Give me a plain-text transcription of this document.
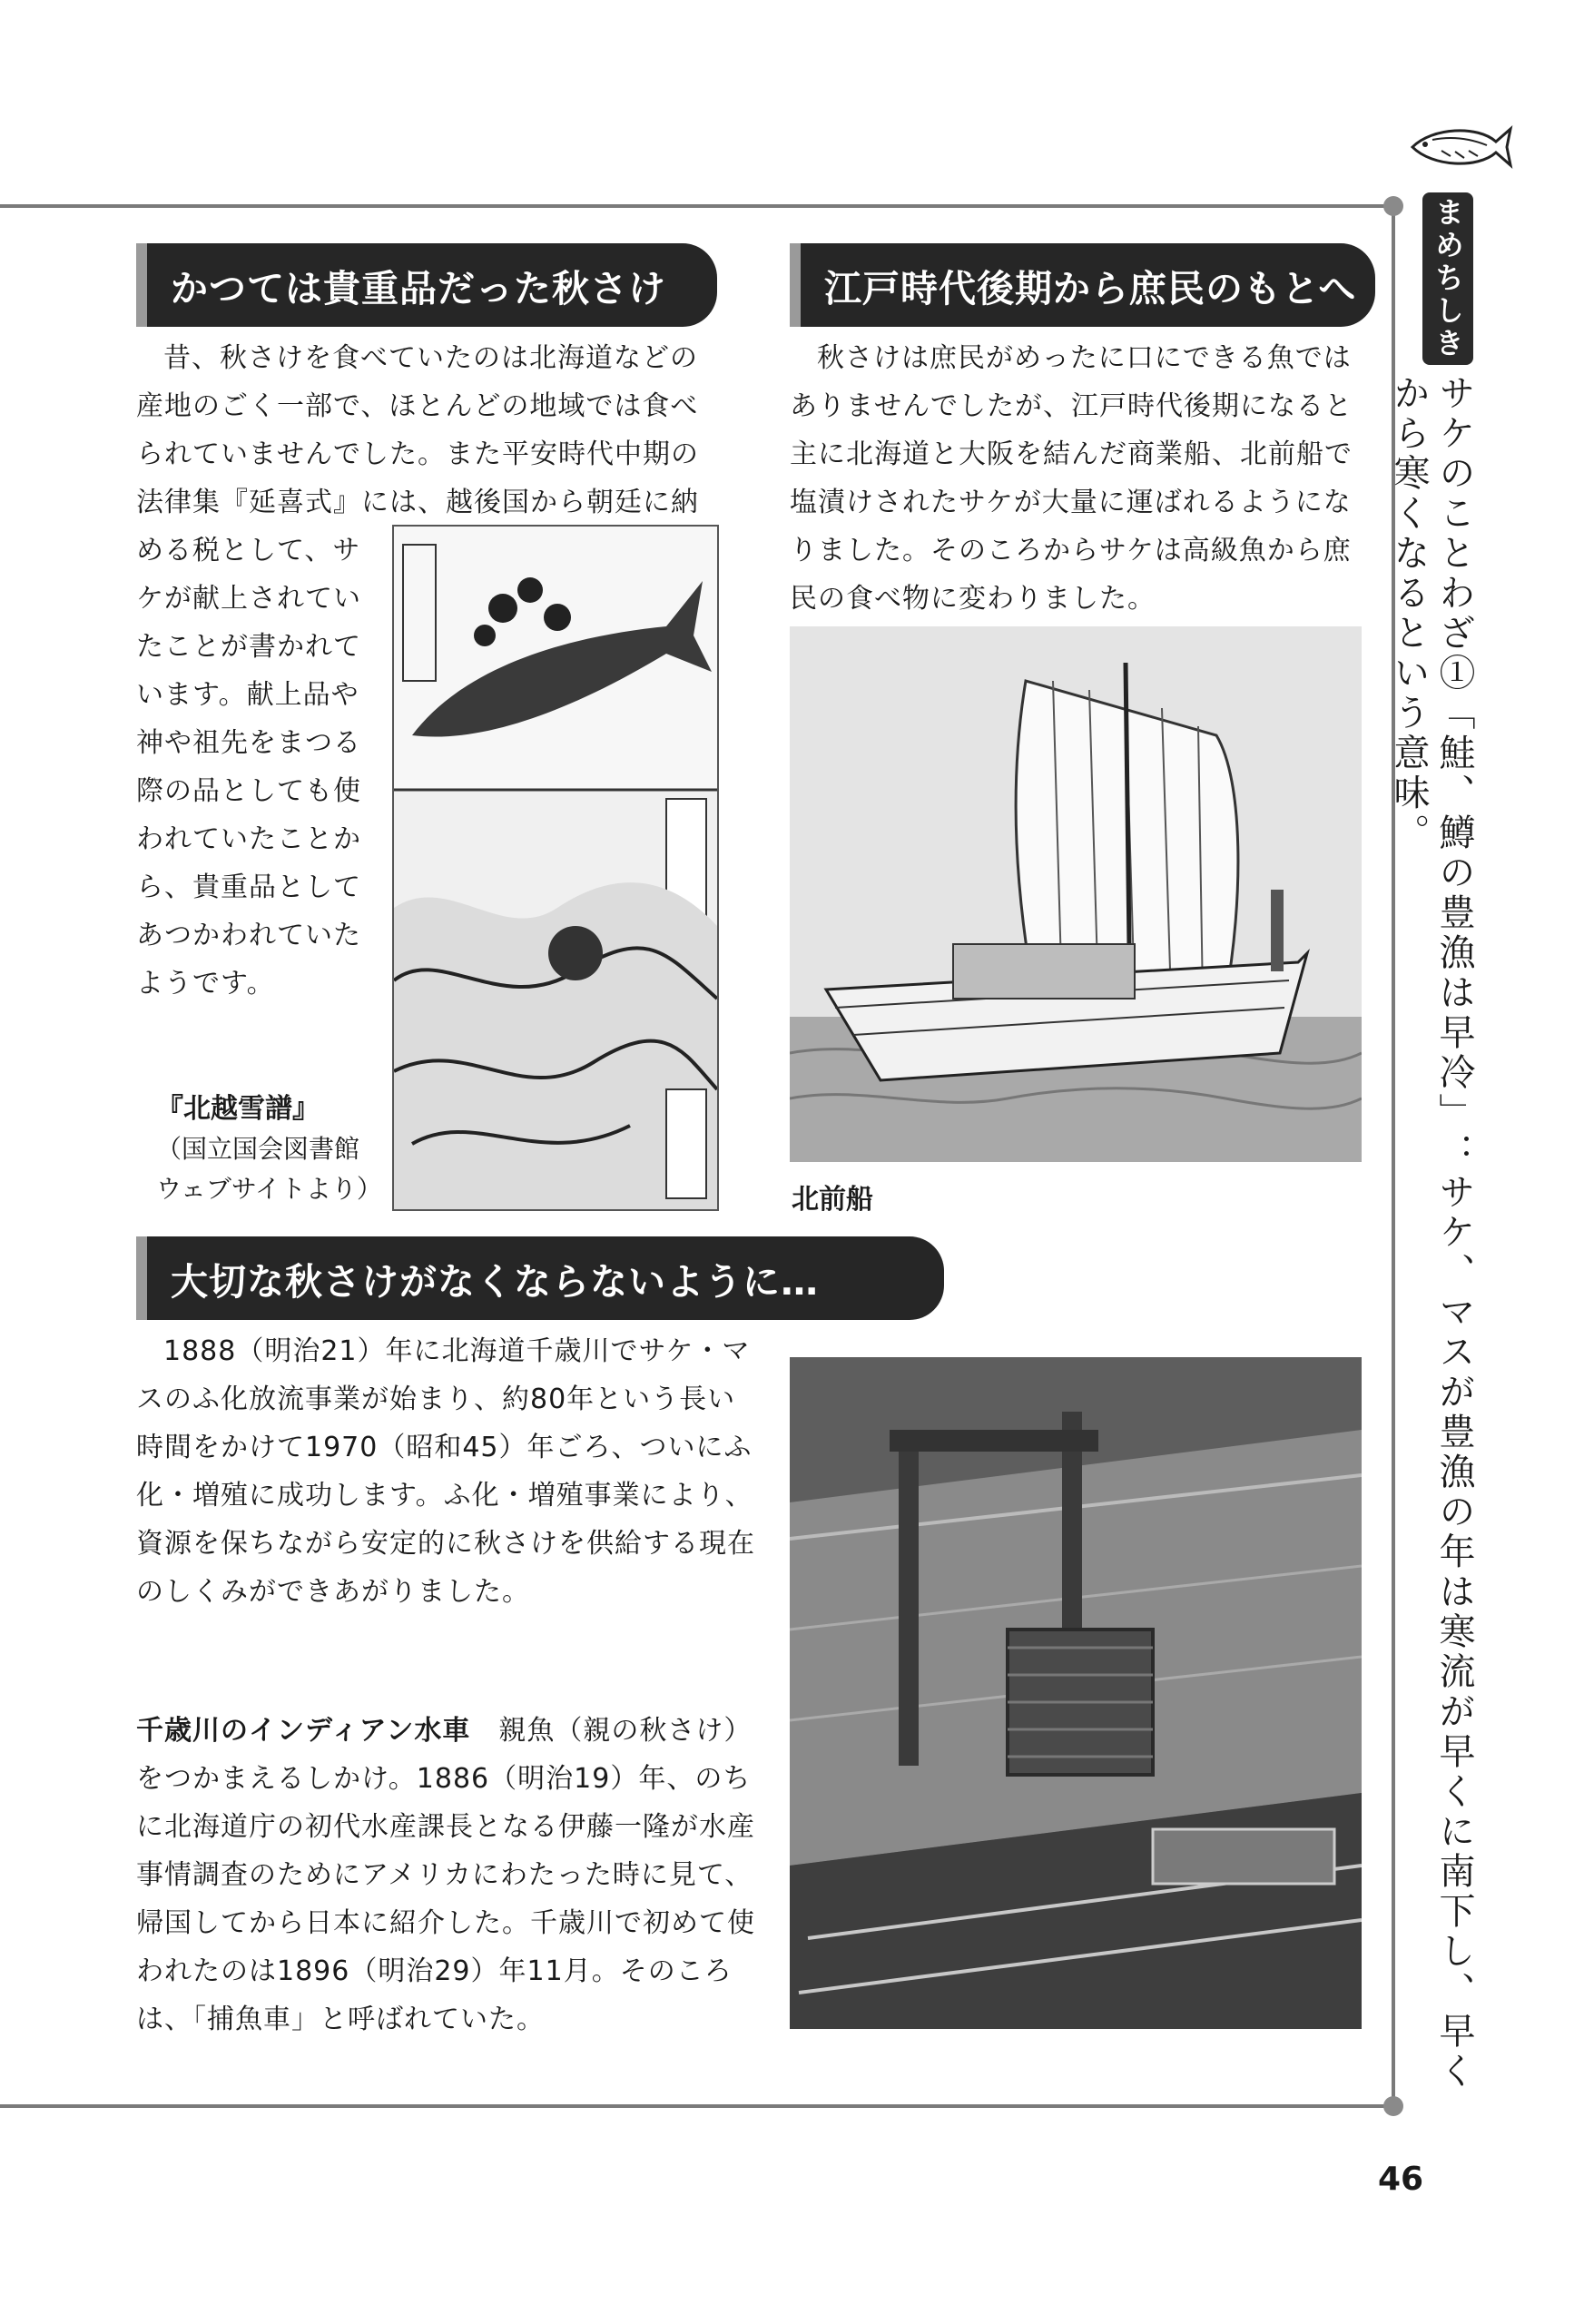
かつては貴重品だった秋さけ

昔、秋さけを食べていたのは北海道などの産地のごく一部で、ほとんどの地域では食べられていませんでした。また平安時代中期の法律集『延喜式』には、越後国から朝廷に納

める税として、サケが献上されていたことが書かれています。献上品や神や祖先をまつる際の品としても使われていたことから、貴重品としてあつかわれていたようです。

『北越雪譜』
（国立国会図書館ウェブサイトより）
江戸時代後期から庶民のもとへ

秋さけは庶民がめったに口にできる魚ではありませんでしたが、江戸時代後期になると主に北海道と大阪を結んだ商業船、北前船で塩漬けされたサケが大量に運ばれるようになりました。そのころからサケは高級魚から庶民の食べ物に変わりました。

北前船
大切な秋さけがなくならないように…

1888（明治21）年に北海道千歳川でサケ・マスのふ化放流事業が始まり、約80年という長い時間をかけて1970（昭和45）年ごろ、ついにふ化・増殖に成功します。ふ化・増殖事業により、資源を保ちながら安定的に秋さけを供給する現在のしくみができあがりました。

千歳川のインディアン水車　 親魚（親の秋さけ）をつかまえるしかけ。1886（明治19）年、のちに北海道庁の初代水産課長となる伊藤一隆が水産事情調査のためにアメリカにわたった時に見て、帰国してから日本に紹介した。千歳川で初めて使われたのは1896（明治29）年11月。そのころは、「捕魚車」と呼ばれていた。

まめちしき
サケのことわざ①「鮭、鱒の豊漁は早冷」：サケ、マスが豊漁の年は寒流が早くに南下し、早くから寒くなるという意味。
46
